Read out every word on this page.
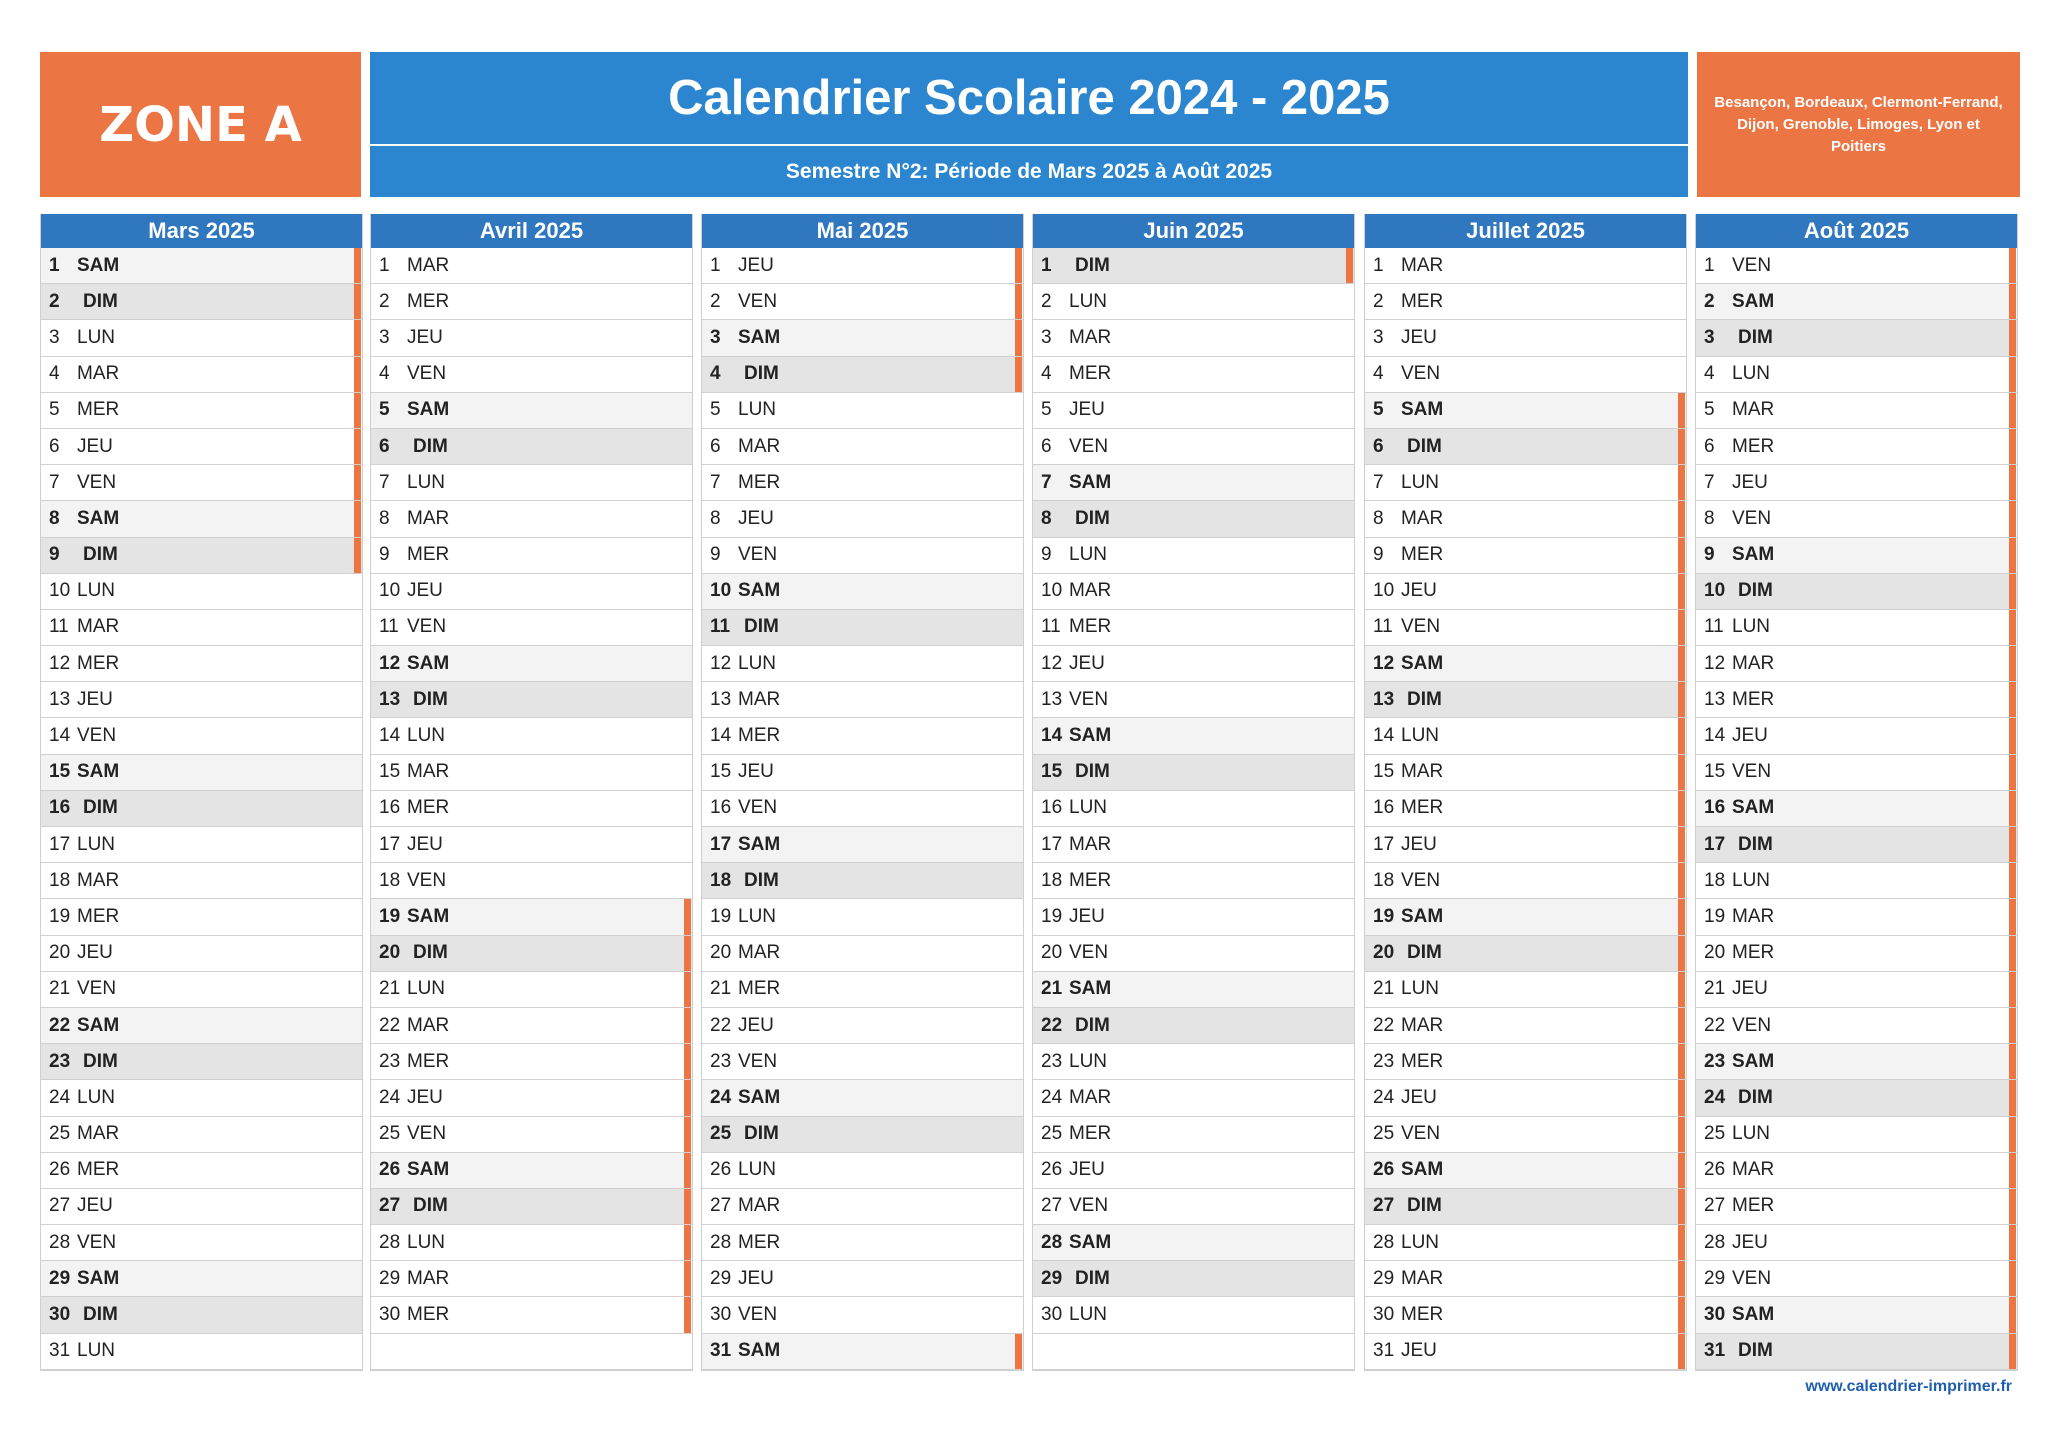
ZONE A	Calendrier Scolaire 2024 - 2025
Semestre N°2: Période de Mars 2025 à Août 2025
Besançon, Bordeaux, Clermont-Ferrand, Dijon, Grenoble, Limoges, Lyon et Poitiers
Mars 2025
1 SAM
2	DIM
3 LUN
4 MAR
5 MER
6 JEU
7 VEN
8 SAM
9	DIM
10 LUN
11 MAR
12 MER
13 JEU
14 VEN
15 SAM
16 DIM
17 LUN
18 MAR
19 MER
20 JEU
21 VEN
22 SAM
23 DIM
24 LUN
25 MAR
26 MER
27 JEU
28 VEN
29 SAM
30 DIM
31 LUN
Avril 2025
1 MAR
2 MER
3 JEU
4 VEN
5 SAM
6	DIM
7 LUN
8 MAR
9 MER
10 JEU
11 VEN
12 SAM
13 DIM
14 LUN
15 MAR
16 MER
17 JEU
18 VEN
19 SAM
20 DIM
21 LUN
22 MAR
23 MER
24 JEU
25 VEN
26 SAM
27 DIM
28 LUN
29 MAR
30 MER
Mai 2025
1 JEU
2 VEN
3 SAM
4	DIM
5 LUN
6 MAR
7 MER
8 JEU
9 VEN
10 SAM
11 DIM
12 LUN
13 MAR
14 MER
15 JEU
16 VEN
17 SAM
18 DIM
19 LUN
20 MAR
21 MER
22 JEU
23 VEN
24 SAM
25 DIM
26 LUN
27 MAR
28 MER
29 JEU
30 VEN
31 SAM
Juin 2025
1	DIM
2 LUN
3 MAR
4 MER
5 JEU
6 VEN
7 SAM
8	DIM
9 LUN
10 MAR
11 MER
12 JEU
13 VEN
14 SAM
15 DIM
16 LUN
17 MAR
18 MER
19 JEU
20 VEN
21 SAM
22 DIM
23 LUN
24 MAR
25 MER
26 JEU
27 VEN
28 SAM
29 DIM
30 LUN
Juillet 2025
1 MAR
2 MER
3 JEU
4 VEN
5 SAM
6	DIM
7 LUN
8 MAR
9 MER
10 JEU
11 VEN
12 SAM
13 DIM
14 LUN
15 MAR
16 MER
17 JEU
18 VEN
19 SAM
20 DIM
21 LUN
22 MAR
23 MER
24 JEU
25 VEN
26 SAM
27 DIM
28 LUN
29 MAR
30 MER
31 JEU
Août 2025
1 VEN
2 SAM
3	DIM
4 LUN
5 MAR
6 MER
7 JEU
8 VEN
9 SAM
10 DIM
11 LUN
12 MAR
13 MER
14 JEU
15 VEN
16 SAM
17 DIM
18 LUN
19 MAR
20 MER
21 JEU
22 VEN
23 SAM
24 DIM
25 LUN
26 MAR
27 MER
28 JEU
29 VEN
30 SAM
31 DIM
www.calendrier-imprimer.fr
